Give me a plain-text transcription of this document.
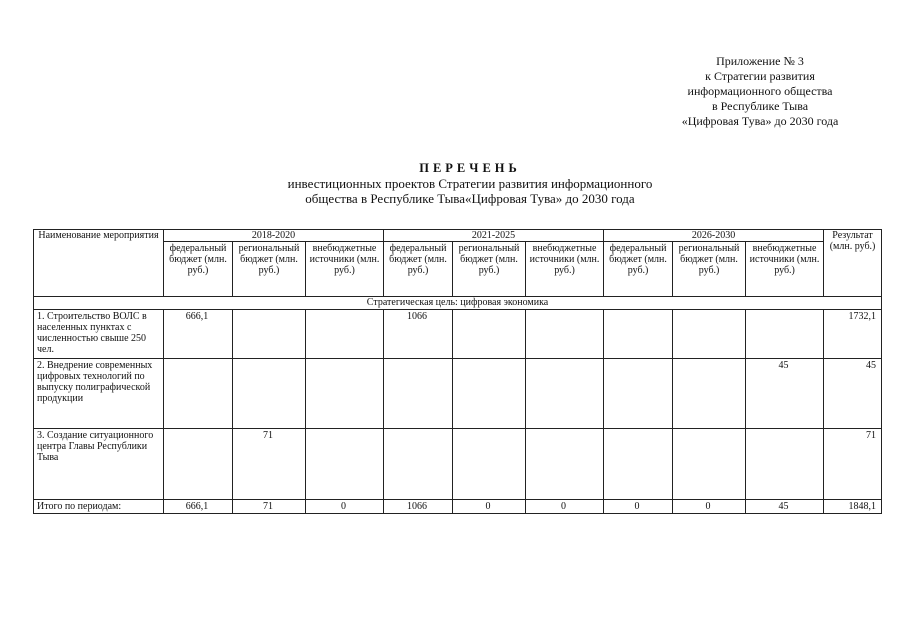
Приложение № 3
к Стратегии развития
информационного общества
в Республике Тыва
«Цифровая Тува» до 2030 года
ПЕРЕЧЕНЬ
инвестиционных проектов Стратегии развития информационного
общества в Республике Тыва«Цифровая Тува» до 2030 года
Наименование мероприятия	2018-2020			2021-2025			2026-2030			Результат (млн. руб.)
	федеральный бюджет (млн. руб.)	региональный бюджет (млн. руб.)	внебюджетные источники (млн. руб.)	федеральный бюджет (млн. руб.)	региональный бюджет (млн. руб.)	внебюджетные источники (млн. руб.)	федеральный бюджет (млн. руб.)	региональный бюджет (млн. руб.)	внебюджетные источники (млн. руб.)	
Стратегическая цель: цифровая экономика										
1. Строительство ВОЛС в населенных пунктах с численностью свыше 250 чел.	666,1			1066						1732,1
2. Внедрение современных цифровых технологий по выпуску полиграфической продукции									45	45
3. Создание ситуационного центра Главы Республики Тыва		71								71
Итого по периодам:	666,1	71	0	1066	0	0	0	0	45	1848,1
